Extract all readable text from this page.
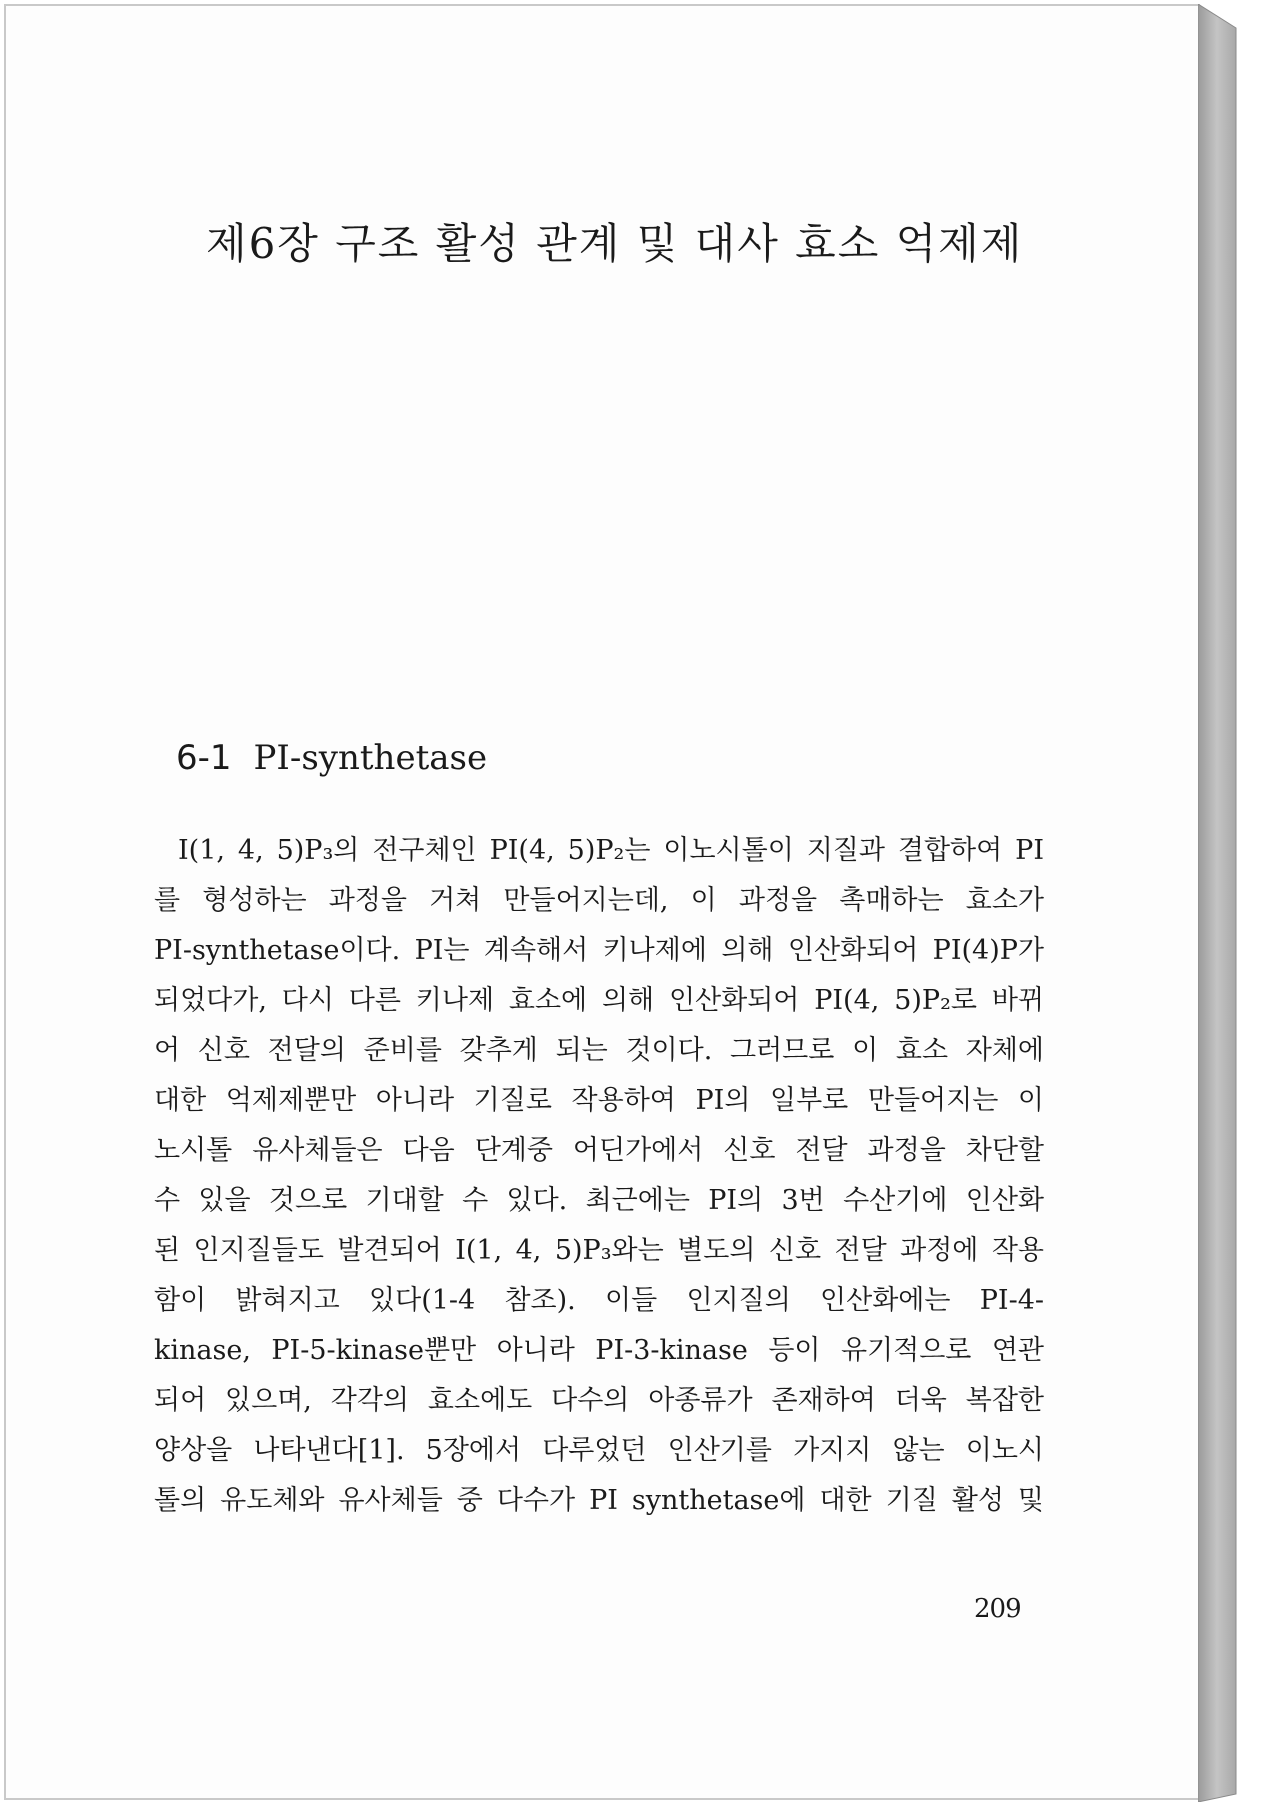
제6장 구조 활성 관계 및 대사 효소 억제제
6-1 PI-synthetase
I(1, 4, 5)P₃의 전구체인 PI(4, 5)P₂는 이노시톨이 지질과 결합하여 PI
를 형성하는 과정을 거쳐 만들어지는데, 이 과정을 촉매하는 효소가
PI-synthetase이다. PI는 계속해서 키나제에 의해 인산화되어 PI(4)P가
되었다가, 다시 다른 키나제 효소에 의해 인산화되어 PI(4, 5)P₂로 바뀌
어 신호 전달의 준비를 갖추게 되는 것이다. 그러므로 이 효소 자체에
대한 억제제뿐만 아니라 기질로 작용하여 PI의 일부로 만들어지는 이
노시톨 유사체들은 다음 단계중 어딘가에서 신호 전달 과정을 차단할
수 있을 것으로 기대할 수 있다. 최근에는 PI의 3번 수산기에 인산화
된 인지질들도 발견되어 I(1, 4, 5)P₃와는 별도의 신호 전달 과정에 작용
함이 밝혀지고 있다(1-4 참조). 이들 인지질의 인산화에는 PI-4-
kinase, PI-5-kinase뿐만 아니라 PI-3-kinase 등이 유기적으로 연관
되어 있으며, 각각의 효소에도 다수의 아종류가 존재하여 더욱 복잡한
양상을 나타낸다[1]. 5장에서 다루었던 인산기를 가지지 않는 이노시
톨의 유도체와 유사체들 중 다수가 PI synthetase에 대한 기질 활성 및
209
